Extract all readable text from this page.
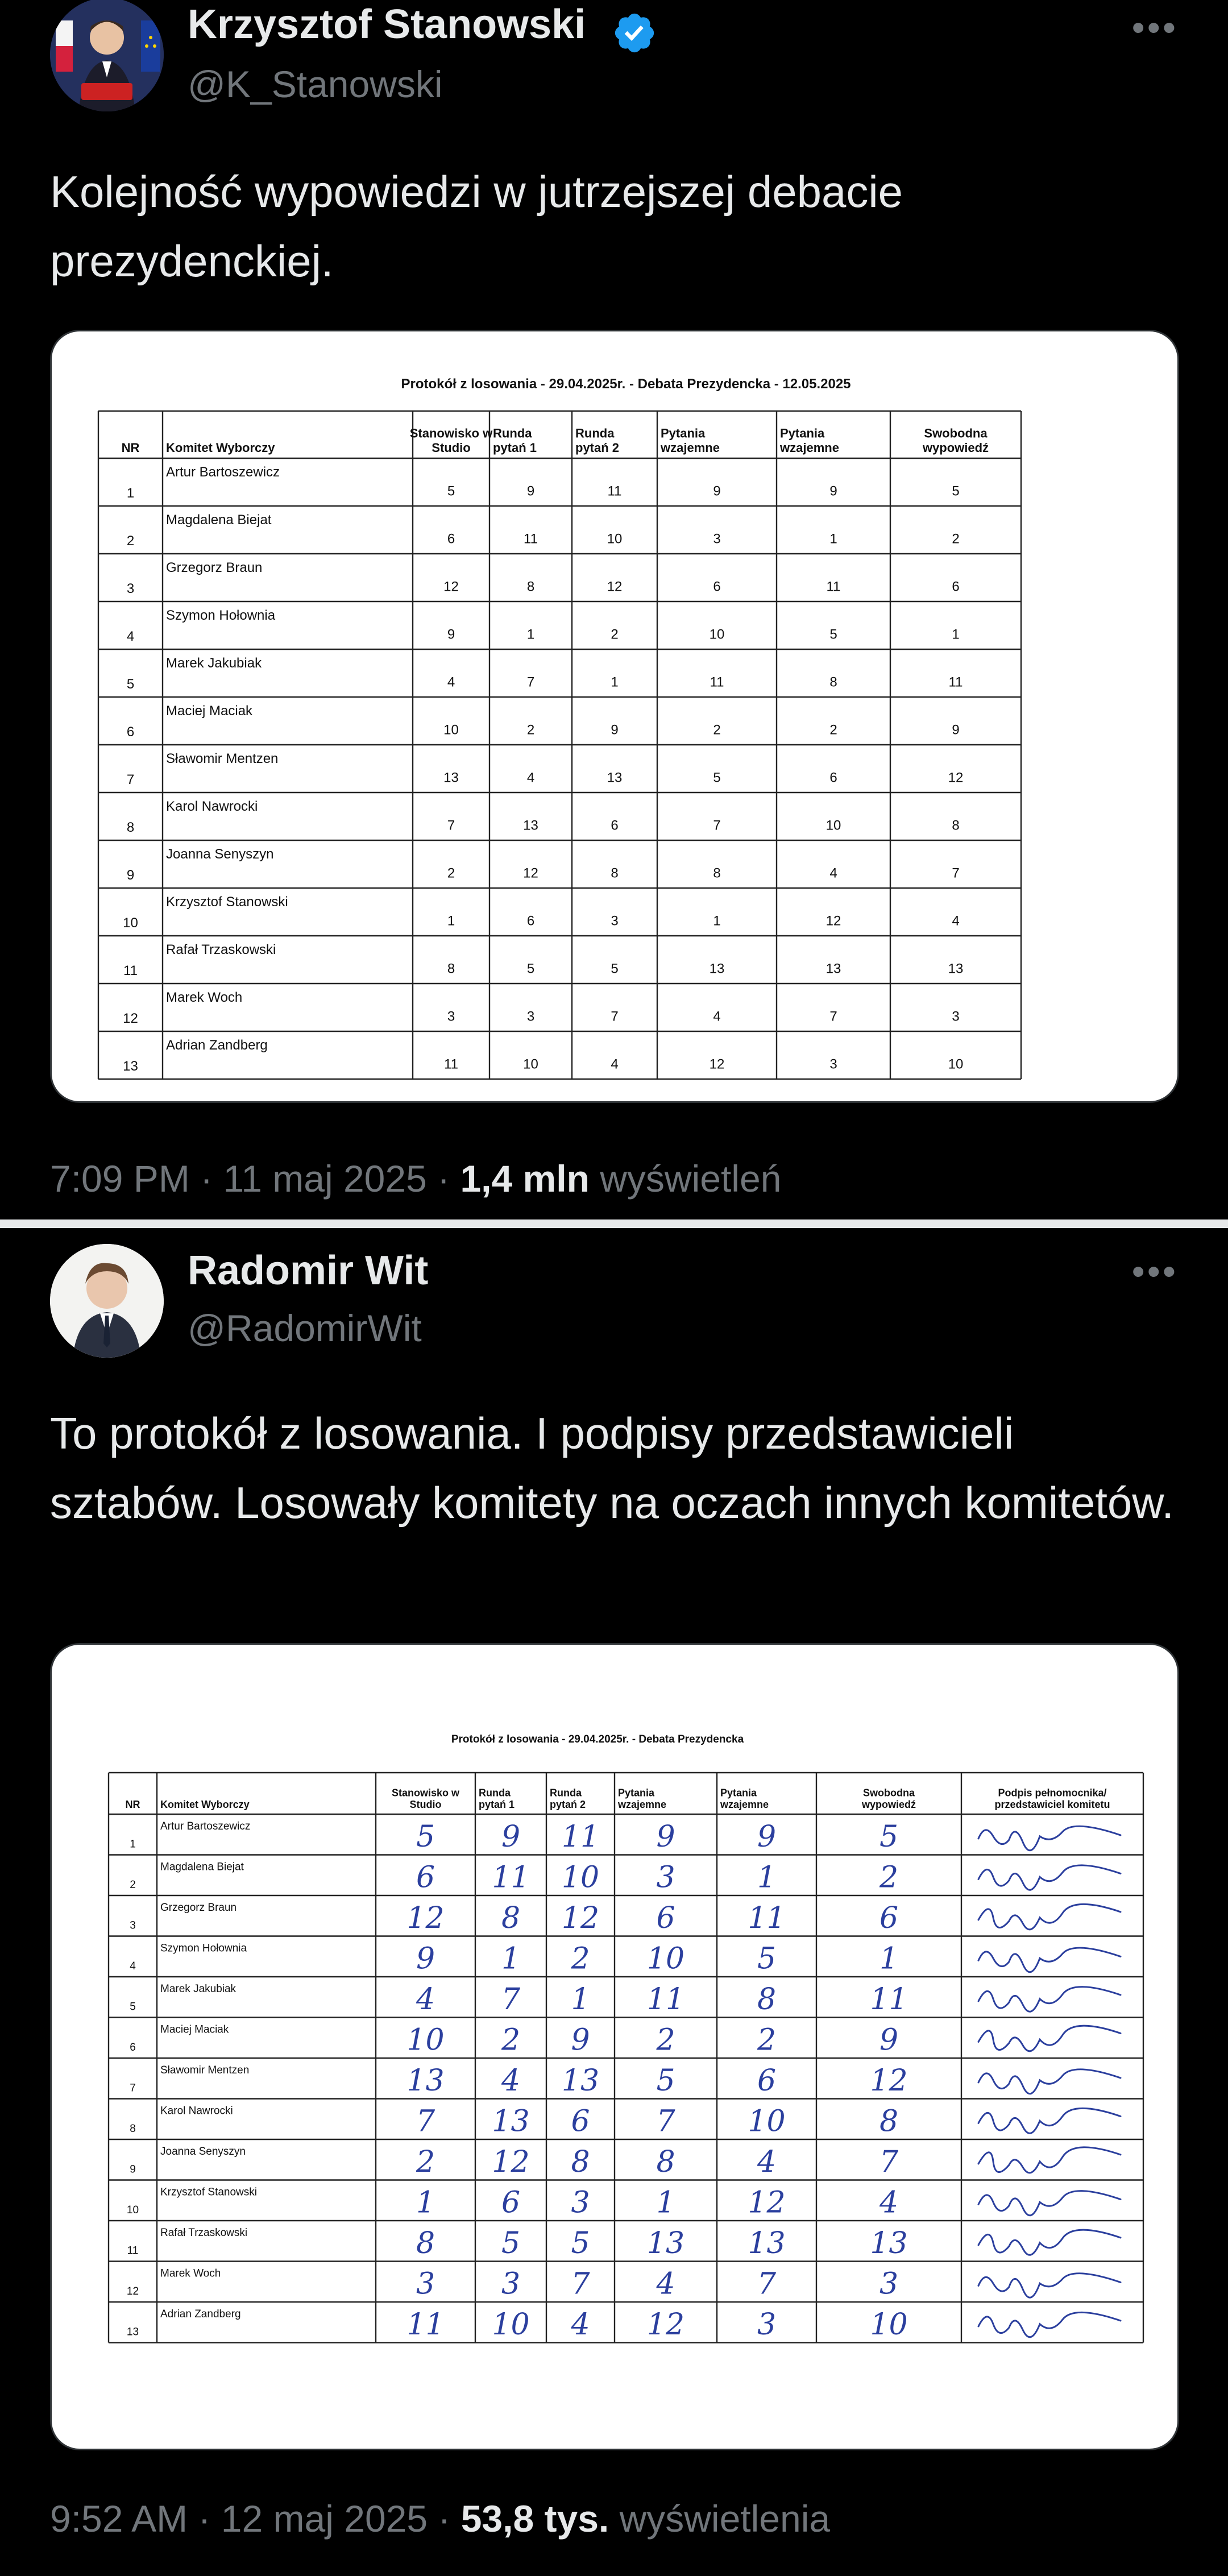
Krzysztof Stanowski
@K_Stanowski
•••
Kolejność wypowiedzi w jutrzejszej debacie prezydenckiej.
Protokół z losowania - 29.04.2025r. - Debata Prezydencka - 12.05.2025
NR Komitet Wyborczy
Stanowisko w Studio
Runda pytań 1
Runda pytań 2
Pytania wzajemne
Pytania wzajemne
Swobodna wypowiedź
1
Artur Bartoszewicz
5	9	11	9	9	5
2
Magdalena Biejat
6	11	10	3	1	2
3
Grzegorz Braun
12	8	12	6	11	6
4
Szymon Hołownia
9	1	2	10	5	1
5
Marek Jakubiak
4	7	1	11	8	11
6
Maciej Maciak
10	2	9	2	2	9
7
Sławomir Mentzen
13	4	13	5	6	12
8
Karol Nawrocki
7	13	6	7	10	8
9
Joanna Senyszyn
2	12	8	8	4	7
10
Krzysztof Stanowski
1	6	3	1	12	4
11
Rafał Trzaskowski
8	5	5	13	13	13
12
Marek Woch
3	3	7	4	7	3
13
Adrian Zandberg
11	10	4	12	3	10
7:09 PM · 11 maj 2025 · 1,4 mln wyświetleń
Radomir Wit
@RadomirWit
•••
To protokół z losowania. I podpisy przedstawicieli sztabów. Losowały komitety na oczach innych komitetów.
Protokół z losowania - 29.04.2025r. - Debata Prezydencka
NR Komitet Wyborczy
Stanowisko w Studio
Runda pytań 1
Runda pytań 2
Pytania wzajemne
Pytania wzajemne
Swobodna wypowiedź
Podpis pełnomocnika/ przedstawiciel komitetu
1
Artur Bartoszewicz	5 9 11 9	9	5
2
Magdalena Biejat	6 11 10 3	1	2
3
Grzegorz Braun	12 8 12 6 11	6
4
Szymon Hołownia	9 1 2 10 5	1
5
Marek Jakubiak	4 7 1 11 8	11
6
Maciej Maciak	10 2 9 2	2	9
7
Sławomir Mentzen	13 4 13 5	6	12
8
Karol Nawrocki	7 13 6 7 10	8
9
Joanna Senyszyn	2 12 8 8	4	7
10
Krzysztof Stanowski	1 6 3 1 12	4
11
Rafał Trzaskowski	8 5 5 13 13	13
12
Marek Woch	3 3 7 4	7	3
13
Adrian Zandberg	11 10 4 12 3	10
9:52 AM · 12 maj 2025 · 53,8 tys. wyświetlenia
